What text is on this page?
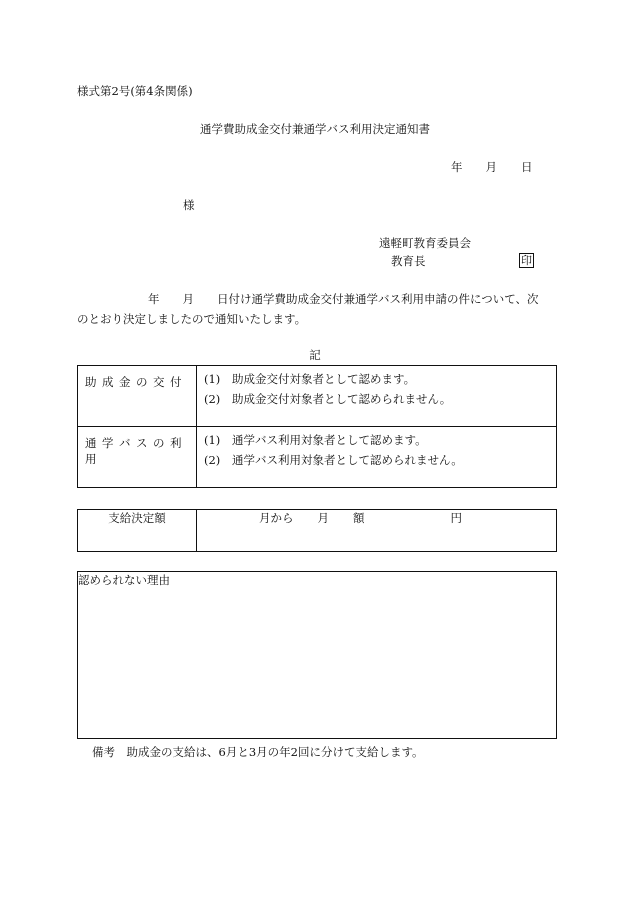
様式第2号(第4条関係)
通学費助成金交付兼通学バス利用決定通知書
年 月 日
様
遠軽町教育委員会
教育長	印
年　　月　　日付け通学費助成金交付兼通学バス利用申請の件について、次
のとおり決定しましたので通知いたします。
記
助成金の交付	(1) 助成金交付対象者として認めます。
(2) 助成金交付対象者として認められません。

通学バスの利用	(1) 通学バス利用対象者として認めます。
(2) 通学バス利用対象者として認められません。
支給決定額	月から 月 額	円
認められない理由
備考　助成金の支給は、6月と3月の年2回に分けて支給します。
